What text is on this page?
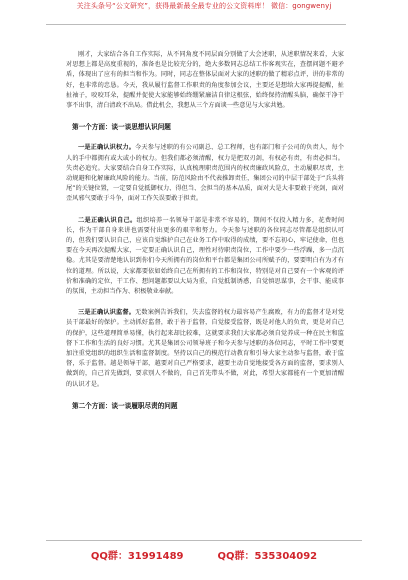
关注头条号“公文研究”，获得最新最全最专业的公文资料库！ 微信：gongwenyj

刚才，大家结合各自工作实际，从不同角度不同层面分别做了大会述职，从述职情况来看，大家对思想上都是高度重视的，准备也是比较充分的，绝大多数同志总结工作客观实在，查摆问题不避矛盾，体现出了应有的担当和作为。同时，同志在整体层面对大家的述职的做了精彩点评，讲的非常的好，也非常的忠恳。今天，我从履行监督工作职责的角度参加会议，主要还是想给大家再提提醒，扯扯袖子，咬咬耳朵，提醒并促使大家能够始终绷紧廉洁自律这根弦，始终保持清醒头脑，确保干净干事不出事，清白清政不出局。借此机会，我想从三个方面谈一些意见与大家共勉。

第一个方面：谈一谈思想认识问题

一是正确认识权力。今天参与述职的有公司副总、总工程师，也有部门和子公司的负责人，每个人的手中都拥有或大或小的权力。但我们都必须清醒，权力是把双刃剑，有权必有责，有责必担当。失责必追究。大家要结合自身工作实际，认真梳理职责范围内的权责廉政风险点，主动履职尽责，主动规避和化解廉政风险的能力。当前，防范风险由不代表推卸责任，集团公司的中层干部处于“兵头将尾”的关键位置，一定要自觉抵御权力、得但当、会担当的基本品质，面对大是大非要敢于亮剑，面对歪风邪气要敢于斗争，面对工作矢误要敢于担责。

二是正确认识自己。组织培养一名领导干部是非常不容易的，期间不仅投入精力多，花费时间长，作为干部自身来讲也需要付出更多的艰辛和努力。今天参与述职的各位同志尽管都是组织认可的，但我们要认识自己，应该自觉维护自己在业务工作中取得的成绩，要不忘初心，牢记使命，但也要在今天再次提醒大家，一定要正确认识自己，理性对待职责岗位，工作中要少一些浮躁，多一点沉稳。尤其是要清楚地认识到你们今天所拥有的岗位和平台都是集团公司所赋予的，要要明白有为才有位的道理。所以说，大家都要依如始终自己在所拥有的工作和岗位，特别是对自己要有一个客观的评价和准确的定位，干工作、想问题都要以大局为重，自觉抵制诱惑，自觉慎思谋事，会干事、能成事的氛围，主动担当作为、积极敬业奉献。

三是正确认识监督。无数案例告诉我们，失去监督的权力最容易产生腐败，有力的监督才是对党员干部最好的保护。主动抓好监督，敢于善于监督，自觉接受监督，既是对他人的负责，更是对自己的保护，这些道理简单易懂，执行起来却比较难，这就要求我们大家都必须自觉养成一种在民主和监督下工作和生活的良好习惯。尤其是集团公司领导班子和今天参与述职的各位同志，平时工作中要更加注重党组织的组织生活和监督制度。坚持以自己的模范行动教育和引导大家主动参与监督，敢于监督，乐于监督。越是领导干部，越要对自己严格要求，越要主动自觉地接受各方面的监督，要求别人做到的，自己首先做到，要求别人不做的，自己首先带头不做，对此，希望大家都能有一个更加清醒的认识才是。

第二个方面：谈一谈履职尽责的问题
QQ群：31991489	QQ群：535304092
